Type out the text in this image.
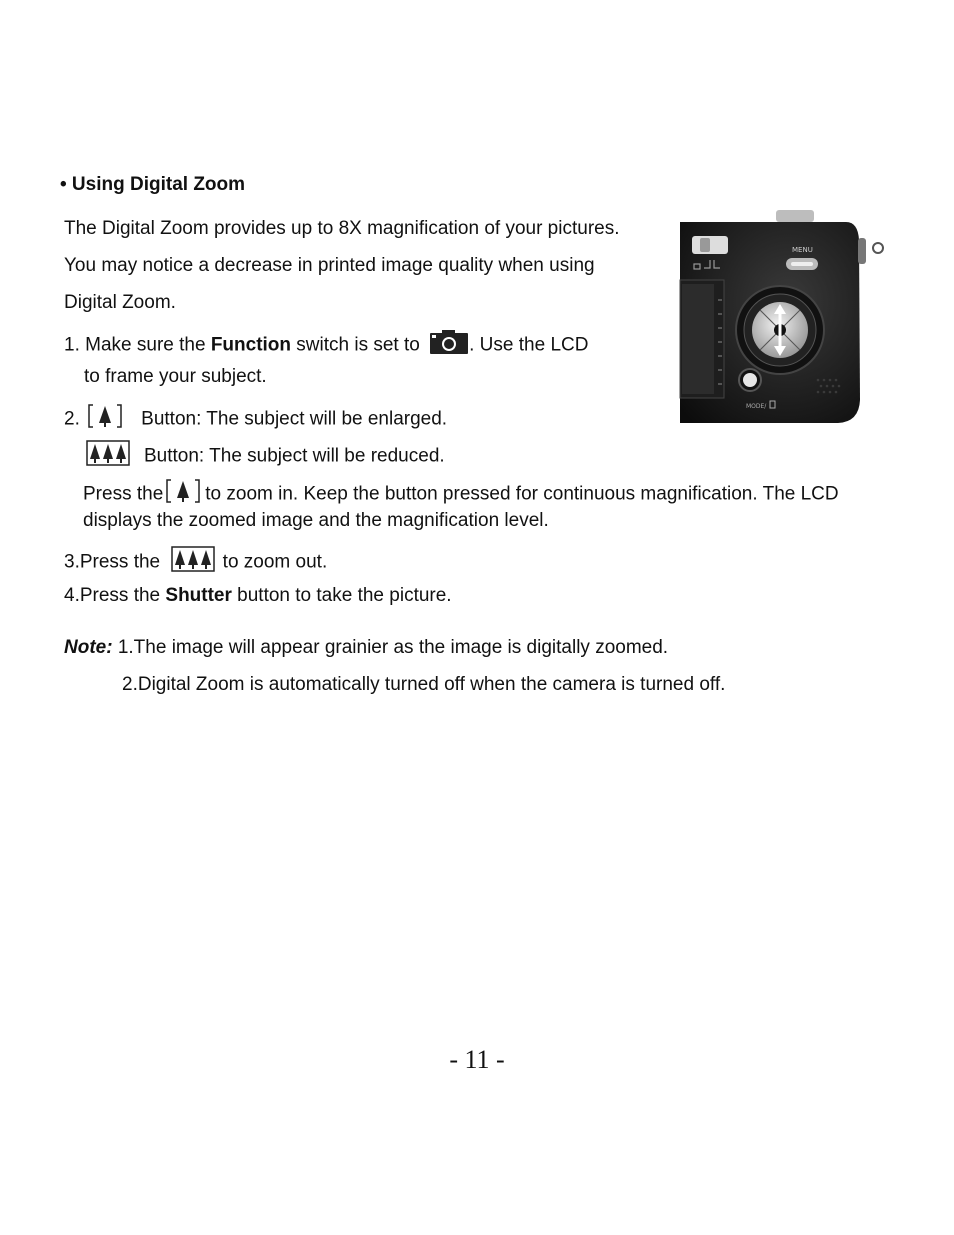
• Using Digital Zoom
The Digital Zoom provides up to 8X magnification of your pictures.
You may notice a decrease in printed image quality when using
Digital Zoom.
1. Make sure the Function switch is set to . Use the LCD
to frame your subject.
2.	Button: The subject will be enlarged.
Button: The subject will be reduced.
Press the to zoom in. Keep the button pressed for continuous magnification. The LCD
displays the zoomed image and the magnification level.
3.Press the	to zoom out.
4.Press the Shutter button to take the picture.
Note: 1.The image will appear grainier as the image is digitally zoomed.
2.Digital Zoom is automatically turned off when the camera is turned off.
MENU
MODE/
- 11 -
